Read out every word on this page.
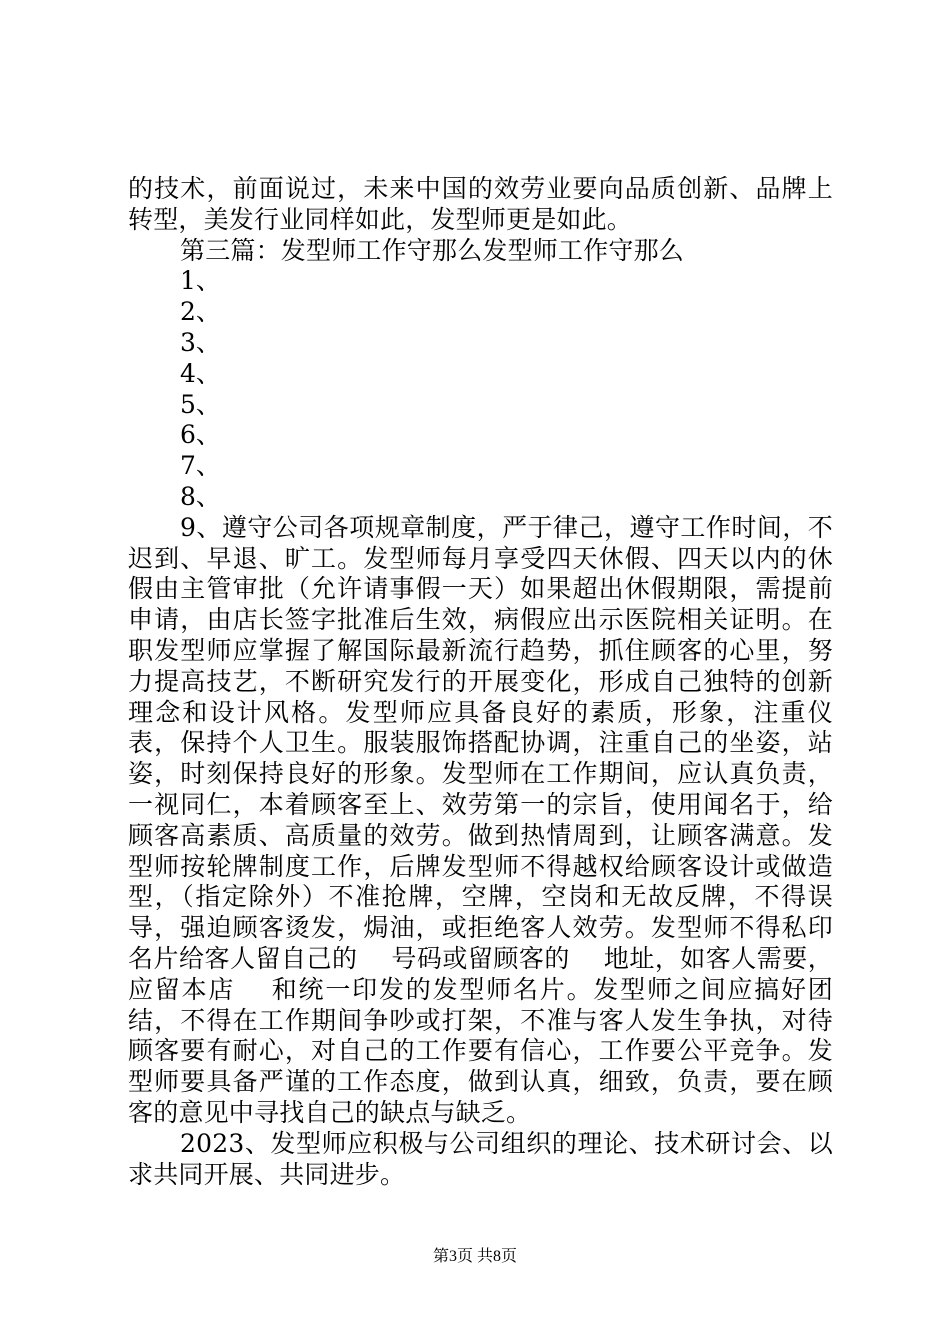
的技术，前面说过，未来中国的效劳业要向品质创新、品牌上转型，美发行业同样如此，发型师更是如此。

第三篇：发型师工作守那么发型师工作守那么

1、

2、

3、

4、

5、

6、

7、

8、

9、遵守公司各项规章制度，严于律己，遵守工作时间，不迟到、早退、旷工。发型师每月享受四天休假、四天以内的休假由主管审批（允许请事假一天）如果超出休假期限，需提前申请，由店长签字批准后生效，病假应出示医院相关证明。在职发型师应掌握了解国际最新流行趋势，抓住顾客的心里，努力提高技艺，不断研究发行的开展变化，形成自己独特的创新理念和设计风格。发型师应具备良好的素质，形象，注重仪表，保持个人卫生。服装服饰搭配协调，注重自己的坐姿，站姿，时刻保持良好的形象。发型师在工作期间，应认真负责，一视同仁，本着顾客至上、效劳第一的宗旨，使用闻名于，给顾客高素质、高质量的效劳。做到热情周到，让顾客满意。发型师按轮牌制度工作，后牌发型师不得越权给顾客设计或做造型，（指定除外）不准抢牌，空牌，空岗和无故反牌，不得误导，强迫顾客烫发，焗油，或拒绝客人效劳。发型师不得私印名片给客人留自己的　 号码或留顾客的　 地址，如客人需要，应留本店　 和统一印发的发型师名片。发型师之间应搞好团结，不得在工作期间争吵或打架，不准与客人发生争执，对待顾客要有耐心，对自己的工作要有信心，工作要公平竞争。发型师要具备严谨的工作态度，做到认真，细致，负责，要在顾客的意见中寻找自己的缺点与缺乏。

2023、发型师应积极与公司组织的理论、技术研讨会、以求共同开展、共同进步。

第3页 共8页
